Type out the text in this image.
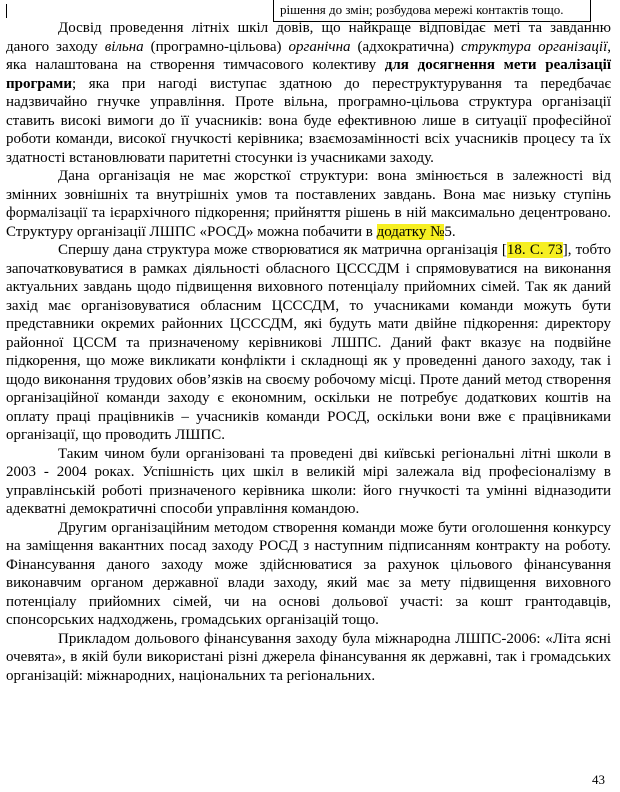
рішення до змін; розбудова мережі контактів тощо.

Досвід проведення літніх шкіл довів, що найкраще відповідає меті та завданню даного заходу вільна (програмно-цільова) органічна (адхократична) структура організації, яка налаштована на створення тимчасового колективу для досягнення мети реалізації програми; яка при нагоді виступає здатною до переструктурування та передбачає надзвичайно гнучке управління. Проте вільна, програмно-цільова структура організації ставить високі вимоги до її учасників: вона буде ефективною лише в ситуації професійної роботи команди, високої гнучкості керівника; взаємозамінності всіх учасників процесу та їх здатності встановлювати паритетні стосунки із учасниками заходу.

Дана організація не має жорсткої структури: вона змінюється в залежності від змінних зовнішніх та внутрішніх умов та поставлених завдань. Вона має низьку ступінь формалізації та ієрархічного підкорення; прийняття рішень в ній максимально децентровано. Структуру організації ЛШПС «РОСД» можна побачити в додатку №5.

Спершу дана структура може створюватися як матрична організація [18. С. 73], тобто започатковуватися в рамках діяльності обласного ЦСССДМ і спрямовуватися на виконання актуальних завдань щодо підвищення виховного потенціалу прийомних сімей. Так як даний захід має організовуватися обласним ЦСССДМ, то учасниками команди можуть бути представники окремих районних ЦСССДМ, які будуть мати двійне підкорення: директору районної ЦССМ та призначеному керівникові ЛШПС. Даний факт вказує на подвійне підкорення, що може викликати конфлікти і складнощі як у проведенні даного заходу, так і щодо виконання трудових обов’язків на своєму робочому місці. Проте даний метод створення організаційної команди заходу є економним, оскільки не потребує додаткових коштів на оплату праці працівників – учасників команди РОСД, оскільки вони вже є працівниками організації, що проводить ЛШПС.

Таким чином були організовані та проведені дві київські регіональні літні школи в 2003 - 2004 роках. Успішність цих шкіл в великій мірі залежала від професіоналізму в управлінській роботі призначеного керівника школи: його гнучкості та умінні відназодити адекватні демократичні способи управління командою.

Другим організаційним методом створення команди може бути оголошення конкурсу на заміщення вакантних посад заходу РОСД з наступним підписанням контракту на роботу. Фінансування даного заходу може здійснюватися за рахунок цільового фінансування виконавчим органом державної влади заходу, який має за мету підвищення виховного потенціалу прийомних сімей, чи на основі дольової участі: за кошт грантодавців, спонсорських надходжень, громадських організацій тощо.

Прикладом дольового фінансування заходу була міжнародна ЛШПС-2006: «Літа ясні очевята», в якій були використані різні джерела фінансування як державні, так і громадських організацій: міжнародних, національних та регіональних.

43
